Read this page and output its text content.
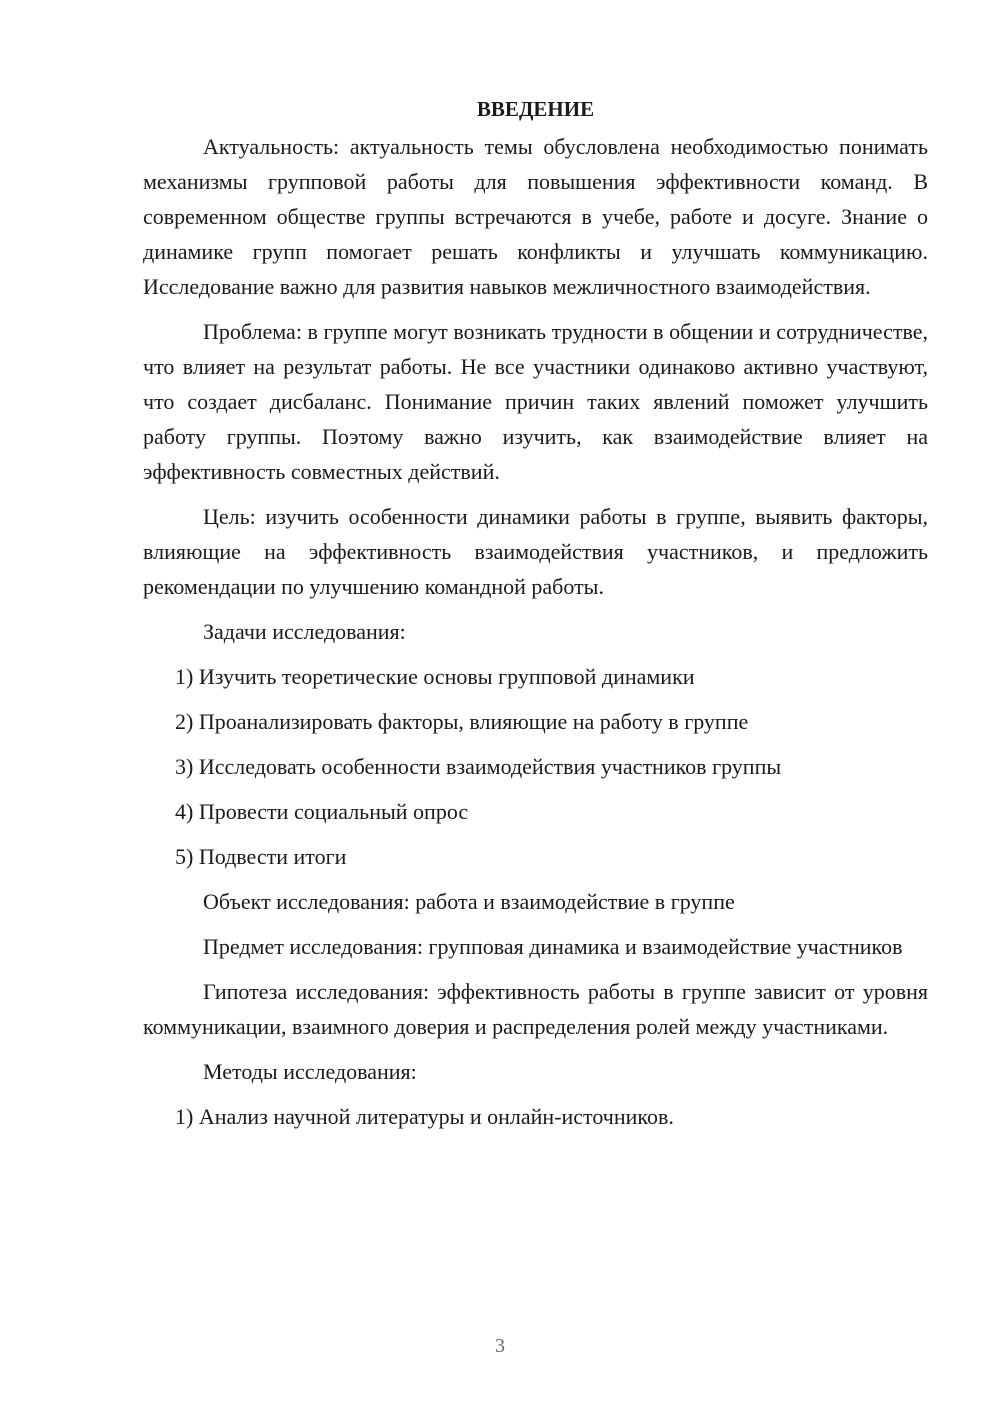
ВВЕДЕНИЕ

Актуальность: актуальность темы обусловлена необходимостью понимать механизмы групповой работы для повышения эффективности команд. В современном обществе группы встречаются в учебе, работе и досуге. Знание о динамике групп помогает решать конфликты и улучшать коммуникацию. Исследование важно для развития навыков межличностного взаимодействия.

Проблема: в группе могут возникать трудности в общении и сотрудничестве, что влияет на результат работы. Не все участники одинаково активно участвуют, что создает дисбаланс. Понимание причин таких явлений поможет улучшить работу группы. Поэтому важно изучить, как взаимодействие влияет на эффективность совместных действий.

Цель: изучить особенности динамики работы в группе, выявить факторы, влияющие на эффективность взаимодействия участников, и предложить рекомендации по улучшению командной работы.

Задачи исследования:

1) Изучить теоретические основы групповой динамики

2) Проанализировать факторы, влияющие на работу в группе

3) Исследовать особенности взаимодействия участников группы

4) Провести социальный опрос

5) Подвести итоги

Объект исследования: работа и взаимодействие в группе

Предмет исследования: групповая динамика и взаимодействие участников

Гипотеза исследования: эффективность работы в группе зависит от уровня коммуникации, взаимного доверия и распределения ролей между участниками.

Методы исследования:

1) Анализ научной литературы и онлайн-источников.

3
